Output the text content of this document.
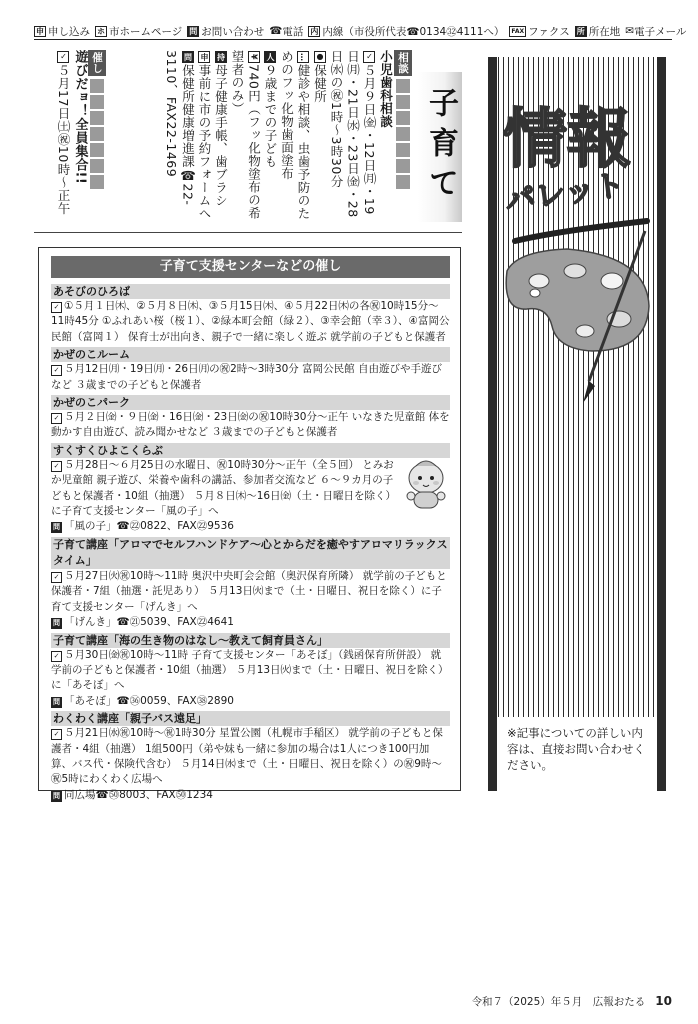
申 申し込み ホ 市ホームページ 問 お問い合わせ ☎ 電話 内 内線（市役所代表☎0134㉜4111へ）	FAX ファクス 所 所在地 ✉ 電子メール
子育て
相談
小児歯科相談
✓５月９日㈮・12日㈪・19日㈪・21日㈬・23日㈮・28日㈬の㊗1時～3時30分
●保健所
…健診や相談、虫歯予防のためのフッ化物歯面塗布
人９歳までの子ども
¥740円（フッ化物塗布の希望者のみ）
持母子健康手帳、歯ブラシ
申事前に市の予約フォームへ
問保健所健康増進課☎22-3110、FAX22-1469
催し
遊びだョ！全員集合!!
✓５月17日㈯㊗10時～正午
子育て支援センターなどの催し
あそびのひろば
✓ ①５月１日㈭、②５月８日㈭、③５月15日㈭、④５月22日㈭の各㊗10時15分～11時45分 ①ふれあい桜（桜１）、②緑本町会館（緑２）、③幸会館（幸３）、④富岡公民館（富岡１） 保育士が出向き、親子で一緒に楽しく遊ぶ 就学前の子どもと保護者
かぜのこルーム
✓ ５月12日㈪・19日㈪・26日㈪の㊗2時～3時30分 富岡公民館 自由遊びや手遊びなど ３歳までの子どもと保護者
かぜのこパーク
✓ ５月２日㈮・９日㈮・16日㈮・23日㈮の㊗10時30分～正午 いなきた児童館 体を動かす自由遊び、読み聞かせなど ３歳までの子どもと保護者
すくすくひよこくらぶ
✓ ５月28日～６月25日の水曜日、㊗10時30分～正午（全５回） とみおか児童館 親子遊び、栄養や歯科の講話、参加者交流など ６～９カ月の子どもと保護者・10組（抽選） ５月８日㈭～16日㈮（土・日曜日を除く）に子育て支援センター「風の子」へ
問 「風の子」☎㉒0822、FAX㉒9536
子育て講座「アロマでセルフハンドケア～心とからだを癒やすアロマリラックスタイム」
✓ ５月27日㈫㊗10時～11時 奥沢中央町会会館（奥沢保育所隣） 就学前の子どもと保護者・7組（抽選・託児あり） ５月13日㈫まで（土・日曜日、祝日を除く）に子育て支援センター「げんき」へ
問 「げんき」☎㉑5039、FAX㉒4641
子育て講座「海の生き物のはなし～教えて飼育員さん」
✓ ５月30日㈮㊗10時～11時 子育て支援センター「あそぼ」（銭函保育所併設） 就学前の子どもと保護者・10組（抽選） ５月13日㈫まで（土・日曜日、祝日を除く）に「あそぼ」へ
問 「あそぼ」☎㊱0059、FAX㊳2890
わくわく講座「親子バス遠足」
✓ ５月21日㈬㊗10時～㊗1時30分 星置公園（札幌市手稲区） 就学前の子どもと保護者・4組（抽選） 1組500円（弟や妹も一緒に参加の場合は1人につき100円加算、バス代・保険代含む） ５月14日㈬まで（土・日曜日、祝日を除く）の㊗9時～㊗5時にわくわく広場へ
問 同広場☎㊿8003、FAX㊿1234
情報
パレット
※記事についての詳しい内容は、直接お問い合わせください。
令和７（2025）年５月　広報おたる 10
